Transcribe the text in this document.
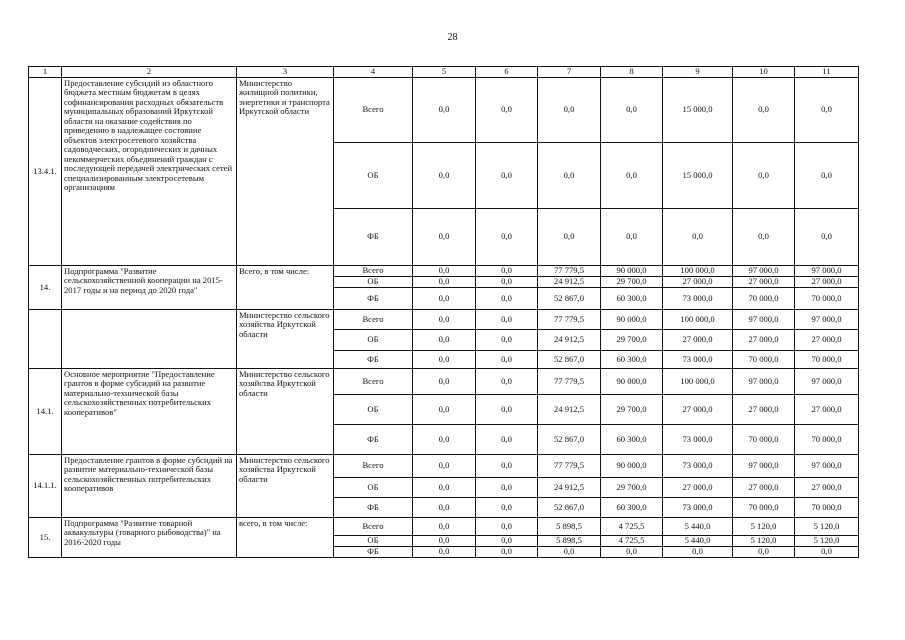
28
1	2	3	4	5	6	7	8	9	10	11
13.4.1.	Предоставление субсидий из областного бюджета местным бюджетам в целях софинансирования расходных обязательств муниципальных образований Иркутской области на оказание содействия по приведению в надлежащее состояние объектов электросетевого хозяйства садоводческих, огороднических и дачных некоммерческих объединений граждан с последующей передачей электрических сетей специализированным электросетевым организациям	Министерство жилищной политики, энергетики и транспорта Иркутской области	Всего	0,0	0,0	0,0	0,0	15 000,0	0,0	0,0
			ОБ	0,0	0,0	0,0	0,0	15 000,0	0,0	0,0
			ФБ	0,0	0,0	0,0	0,0	0,0	0,0	0,0
14.	Подпрограмма "Развитие сельскохозяйственной кооперации на 2015-2017 годы и на период до 2020 года"	Всего, в том числе:	Всего	0,0	0,0	77 779,5	90 000,0	100 000,0	97 000,0	97 000,0
			ОБ	0,0	0,0	24 912,5	29 700,0	27 000,0	27 000,0	27 000,0
			ФБ	0,0	0,0	52 867,0	60 300,0	73 000,0	70 000,0	70 000,0
		Министерство сельского хозяйства Иркутской области	Всего	0,0	0,0	77 779,5	90 000,0	100 000,0	97 000,0	97 000,0
			ОБ	0,0	0,0	24 912,5	29 700,0	27 000,0	27 000,0	27 000,0
			ФБ	0,0	0,0	52 867,0	60 300,0	73 000,0	70 000,0	70 000,0
14.1.	Основное мероприятие "Предоставление грантов в форме субсидий на развитие материально-технической базы сельскохозяйственных потребительских кооперативов"	Министерство сельского хозяйства Иркутской области	Всего	0,0	0,0	77 779,5	90 000,0	100 000,0	97 000,0	97 000,0
			ОБ	0,0	0,0	24 912,5	29 700,0	27 000,0	27 000,0	27 000,0
			ФБ	0,0	0,0	52 867,0	60 300,0	73 000,0	70 000,0	70 000,0
14.1.1.	Предоставление грантов в форме субсидий на развитие материально-технической базы сельскохозяйственных потребительских кооперативов	Министерство сельского хозяйства Иркутской области	Всего	0,0	0,0	77 779,5	90 000,0	73 000,0	97 000,0	97 000,0
			ОБ	0,0	0,0	24 912,5	29 700,0	27 000,0	27 000,0	27 000,0
			ФБ	0,0	0,0	52 867,0	60 300,0	73 000,0	70 000,0	70 000,0
15.	Подпрограмма "Развитие товарной аквакультуры (товарного рыбоводства)" на 2016-2020 годы	всего, в том числе:	Всего	0,0	0,0	5 898,5	4 725,5	5 440,0	5 120,0	5 120,0
			ОБ	0,0	0,0	5 898,5	4 725,5	5 440,0	5 120,0	5 120,0
			ФБ	0,0	0,0	0,0	0,0	0,0	0,0	0,0
